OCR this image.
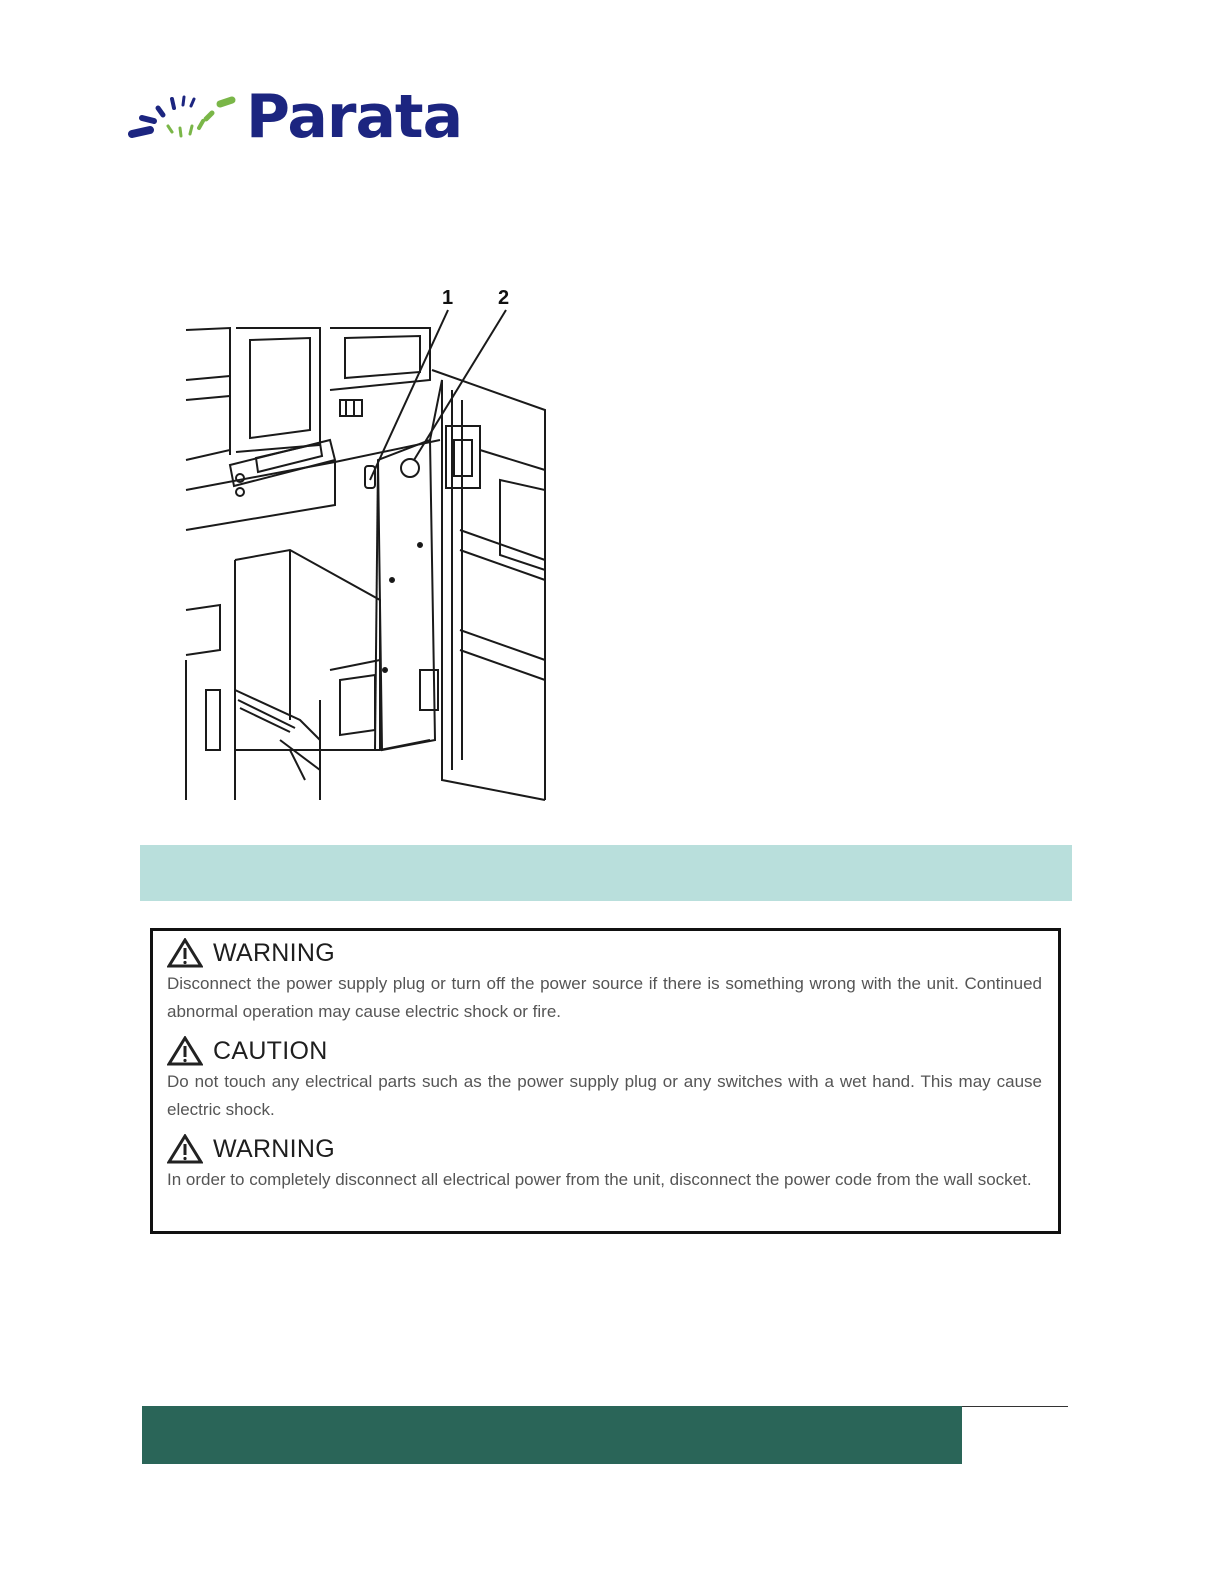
Parata
1 2
WARNING
Disconnect the power supply plug or turn off the power source if there is something wrong with the unit. Continued abnormal operation may cause electric shock or fire.
CAUTION
Do not touch any electrical parts such as the power supply plug or any switches with a wet hand. This may cause electric shock.
WARNING
In order to completely disconnect all electrical power from the unit, disconnect the power code from the wall socket.
